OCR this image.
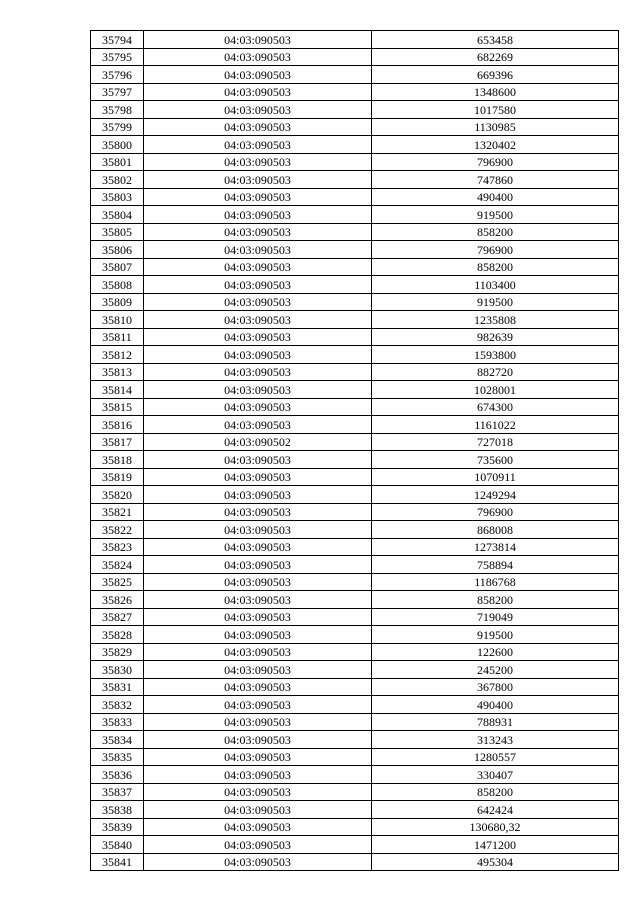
35794	04:03:090503	653458
35795	04:03:090503	682269
35796	04:03:090503	669396
35797	04:03:090503	1348600
35798	04:03:090503	1017580
35799	04:03:090503	1130985
35800	04:03:090503	1320402
35801	04:03:090503	796900
35802	04:03:090503	747860
35803	04:03:090503	490400
35804	04:03:090503	919500
35805	04:03:090503	858200
35806	04:03:090503	796900
35807	04:03:090503	858200
35808	04:03:090503	1103400
35809	04:03:090503	919500
35810	04:03:090503	1235808
35811	04:03:090503	982639
35812	04:03:090503	1593800
35813	04:03:090503	882720
35814	04:03:090503	1028001
35815	04:03:090503	674300
35816	04:03:090503	1161022
35817	04:03:090502	727018
35818	04:03:090503	735600
35819	04:03:090503	1070911
35820	04:03:090503	1249294
35821	04:03:090503	796900
35822	04:03:090503	868008
35823	04:03:090503	1273814
35824	04:03:090503	758894
35825	04:03:090503	1186768
35826	04:03:090503	858200
35827	04:03:090503	719049
35828	04:03:090503	919500
35829	04:03:090503	122600
35830	04:03:090503	245200
35831	04:03:090503	367800
35832	04:03:090503	490400
35833	04:03:090503	788931
35834	04:03:090503	313243
35835	04:03:090503	1280557
35836	04:03:090503	330407
35837	04:03:090503	858200
35838	04:03:090503	642424
35839	04:03:090503	130680,32
35840	04:03:090503	1471200
35841	04:03:090503	495304
